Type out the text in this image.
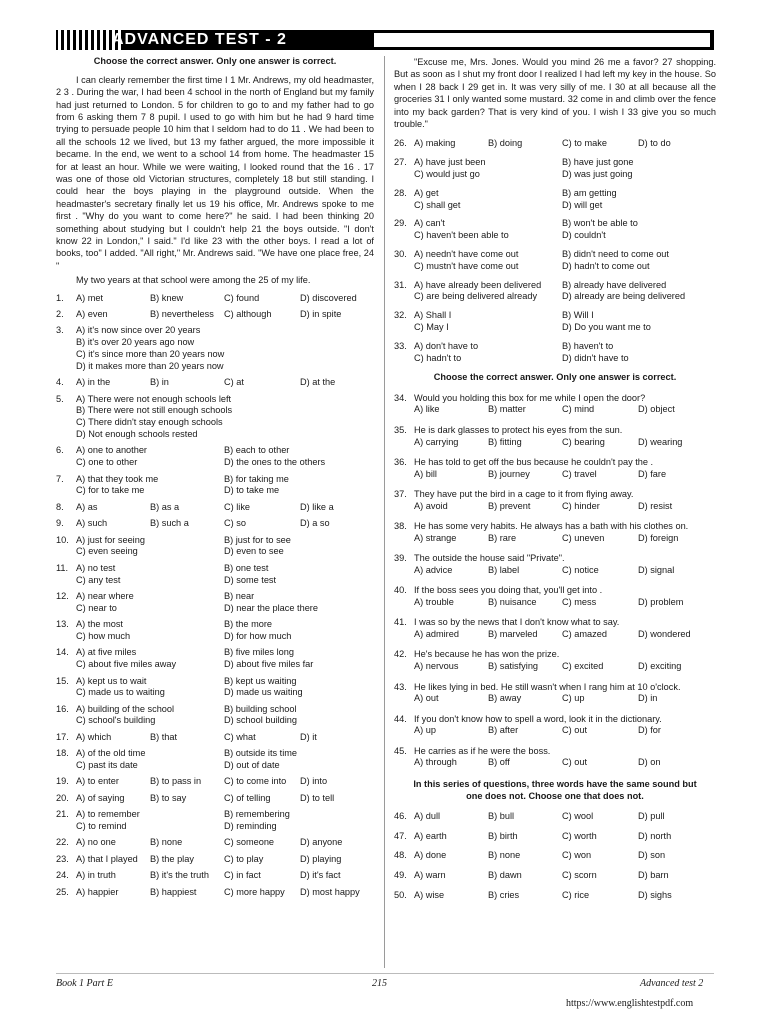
ADVANCED TEST - 2
Choose the correct answer. Only one answer is correct.

I can clearly remember the first time I 1 Mr. Andrews, my old headmaster, 2 3 . During the war, I had been 4 school in the north of England but my family had just returned to London. 5 for children to go to and my father had to go from 6 asking them 7 8 pupil. I used to go with him but he had 9 hard time trying to persuade people 10 him that I seldom had to do 11 . We had been to all the schools 12 we lived, but 13 my father argued, the more impossible it became. In the end, we went to a school 14 from home. The headmaster 15 for at least an hour. While we were waiting, I looked round that the 16 . 17 was one of those old Victorian structures, completely 18 but still standing. I could hear the boys playing in the playground outside. When the headmaster's secretary finally let us 19 his office, Mr. Andrews spoke to me first . "Why do you want to come here?" he said. I had been thinking 20 something about studying but I couldn't help 21 the boys outside. "I don't know 22 in London," I said." I'd like 23 with the other boys. I read a lot of books, too" I added. "All right," Mr. Andrews said. "We have one place free, 24 "

My two years at that school were among the 25 of my life.

1.	A) met	B) knew	C) found	D) discovered
2.	A) even	B) nevertheless	C) although	D) in spite
3.	A) it's now since over 20 years
B) it's over 20 years ago now
C) it's since more than 20 years now
D) it makes more than 20 years now
4.	A) in the	B) in	C) at	D) at the
5.	A) There were not enough schools left
B) There were not still enough schools
C) There didn't stay enough schools
D) Not enough schools rested
6.	A) one to another	B) each to other
C) one to other	D) the ones to the others
7.	A) that they took me	B) for taking me
C) for to take me	D) to take me
8.	A) as	B) as a	C) like	D) like a
9.	A) such	B) such a	C) so	D) a so
10. A) just for seeing	B) just for to see
C) even seeing	D) even to see
11. A) no test	B) one test
C) any test	D) some test
12. A) near where	B) near
C) near to	D) near the place there
13. A) the most	B) the more
C) how much	D) for how much
14. A) at five miles	B) five miles long
C) about five miles away	D) about five miles far
15. A) kept us to wait	B) kept us waiting
C) made us to waiting	D) made us waiting
16. A) building of the school	B) building school
C) school's building	D) school building
17. A) which	B) that	C) what	D) it
18. A) of the old time	B) outside its time
C) past its date	D) out of date
19. A) to enter	B) to pass in	C) to come into	D) into
20. A) of saying	B) to say	C) of telling	D) to tell
21. A) to remember	B) remembering
C) to remind	D) reminding
22. A) no one	B) none	C) someone	D) anyone
23. A) that I played	B) the play	C) to play	D) playing
24. A) in truth	B) it's the truth	C) in fact	D) it's fact
25. A) happier	B) happiest	C) more happy	D) most happy
"Excuse me, Mrs. Jones. Would you mind 26 me a favor? 27 shopping. But as soon as I shut my front door I realized I had left my key in the house. So when I 28 back I 29 get in. It was very silly of me. I 30 at all because all the groceries 31 I only wanted some mustard. 32 come in and climb over the fence into my back garden? That is very kind of you. I wish I 33 give you so much trouble."
26. A) making	B) doing	C) to make	D) to do
27. A) have just been	B) have just gone
C) would just go	D) was just going
28. A) get	B) am getting
C) shall get	D) will get
29. A) can't	B) won't be able to
C) haven't been able to	D) couldn't
30. A) needn't have come out	B) didn't need to come out
C) mustn't have come out	D) hadn't to come out
31. A) have already been delivered	B) already have delivered
C) are being delivered already	D) already are being delivered
32. A) Shall I	B) Will I
C) May I	D) Do you want me to
33. A) don't have to	B) haven't to
C) hadn't to	D) didn't have to
Choose the correct answer. Only one answer is correct.
34. Would you holding this box for me while I open the door?
A) like	B) matter	C) mind	D) object
35. He is dark glasses to protect his eyes from the sun.
A) carrying	B) fitting	C) bearing	D) wearing
36. He has told to get off the bus because he couldn't pay the .
A) bill	B) journey	C) travel	D) fare
37. They have put the bird in a cage to it from flying away.
A) avoid	B) prevent	C) hinder	D) resist
38. He has some very habits. He always has a bath with his clothes on.
A) strange	B) rare	C) uneven	D) foreign
39. The outside the house said "Private".
A) advice	B) label	C) notice	D) signal
40. If the boss sees you doing that, you'll get into .
A) trouble	B) nuisance	C) mess	D) problem
41. I was so by the news that I don't know what to say.
A) admired	B) marveled	C) amazed	D) wondered
42. He's because he has won the prize.
A) nervous	B) satisfying	C) excited	D) exciting
43. He likes lying in bed. He still wasn't when I rang him at 10 o'clock.
A) out	B) away	C) up	D) in
44. If you don't know how to spell a word, look it in the dictionary.
A) up	B) after	C) out	D) for
45. He carries as if he were the boss.
A) through	B) off	C) out	D) on
In this series of questions, three words have the same sound but one does not. Choose one that does not.
46. A) dull	B) bull	C) wool	D) pull
47. A) earth	B) birth	C) worth	D) north
48. A) done	B) none	C) won	D) son
49. A) warn	B) dawn	C) scorn	D) barn
50. A) wise	B) cries	C) rice	D) sighs
Book 1 Part E	215	Advanced test 2
https://www.englishtestpdf.com
